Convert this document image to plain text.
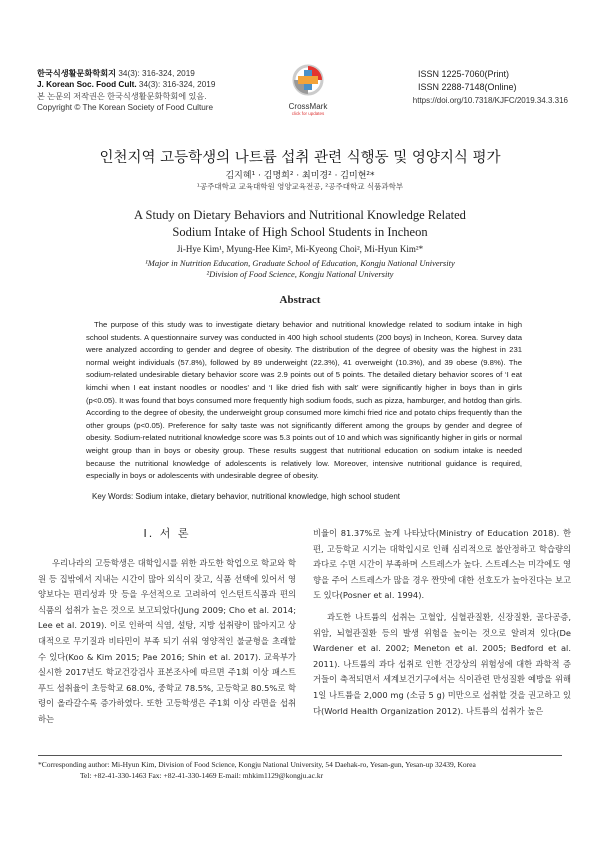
한국식생활문화학회지 34(3): 316-324, 2019
J. Korean Soc. Food Cult. 34(3): 316-324, 2019
본 논문의 저작권은 한국식생활문화학회에 있음.
Copyright © The Korean Society of Food Culture	CrossMark
click for updates
ISSN 1225-7060(Print)
ISSN 2288-7148(Online)
https://doi.org/10.7318/KJFC/2019.34.3.316
인천지역 고등학생의 나트륨 섭취 관련 식행동 및 영양지식 평가
김지혜¹ · 김명희² · 최미경² · 김미현²*
¹공주대학교 교육대학원 영양교육전공, ²공주대학교 식품과학부
A Study on Dietary Behaviors and Nutritional Knowledge Related
Sodium Intake of High School Students in Incheon
Ji-Hye Kim¹, Myung-Hee Kim², Mi-Kyeong Choi², Mi-Hyun Kim²*
¹Major in Nutrition Education, Graduate School of Education, Kongju National University
²Division of Food Science, Kongju National University
Abstract

The purpose of this study was to investigate dietary behavior and nutritional knowledge related to sodium intake in high school students. A questionnaire survey was conducted in 400 high school students (200 boys) in Incheon, Korea. Survey data were analyzed according to gender and degree of obesity. The distribution of the degree of obesity was the highest in 231 normal weight individuals (57.8%), followed by 89 underweight (22.3%), 41 overweight (10.3%), and 39 obese (9.8%). The sodium-related undesirable dietary behavior score was 2.9 points out of 5 points. The detailed dietary behavior scores of ‘I eat kimchi when I eat instant noodles or noodles’ and ‘I like dried fish with salt’ were significantly higher in boys than in girls (p<0.05). It was found that boys consumed more frequently high sodium foods, such as pizza, hamburger, and hotdog than girls. According to the degree of obesity, the underweight group consumed more kimchi fried rice and potato chips frequently than the other groups (p<0.05). Preference for salty taste was not significantly different among the groups by gender and degree of obesity. Sodium-related nutritional knowledge score was 5.3 points out of 10 and which was significantly higher in girls or normal weight group than in boys or obesity group. These results suggest that nutritional education on sodium intake is needed because the nutritional knowledge of adolescents is relatively low. Moreover, intensive nutritional guidance is required, especially in boys or adolescents with undesirable degree of obesity.

Key Words: Sodium intake, dietary behavior, nutritional knowledge, high school student
I. 서 론

우리나라의 고등학생은 대학입시를 위한 과도한 학업으로 학교와 학원 등 집밖에서 지내는 시간이 많아 외식이 잦고, 식품 선택에 있어서 영양보다는 편리성과 맛 등을 우선적으로 고려하여 인스턴트식품과 편의식품의 섭취가 높은 것으로 보고되었다(Jung 2009; Cho et al. 2014; Lee et al. 2019). 이로 인하여 식염, 설탕, 지방 섭취량이 많아지고 상대적으로 무기질과 비타민이 부족 되기 쉬워 영양적인 불균형을 초래할 수 있다(Koo & Kim 2015; Pae 2016; Shin et al. 2017). 교육부가 실시한 2017년도 학교건강검사 표본조사에 따르면 주1회 이상 패스트푸드 섭취율이 초등학교 68.0%, 중학교 78.5%, 고등학교 80.5%로 학령이 올라갈수록 증가하였다. 또한 고등학생은 주1회 이상 라면을 섭취하는

비율이 81.37%로 높게 나타났다(Ministry of Education 2018). 한편, 고등학교 시기는 대학입시로 인해 심리적으로 불안정하고 학습량의 과다로 수면 시간이 부족하며 스트레스가 높다. 스트레스는 미각에도 영향을 주어 스트레스가 많을 경우 짠맛에 대한 선호도가 높아진다는 보고도 있다(Posner et al. 1994).

과도한 나트륨의 섭취는 고혈압, 심혈관질환, 신장질환, 골다공증, 위암, 뇌혈관질환 등의 발생 위험을 높이는 것으로 알려져 있다(De Wardener et al. 2002; Meneton et al. 2005; Bedford et al. 2011). 나트륨의 과다 섭취로 인한 건강상의 위험성에 대한 과학적 증거들이 축적되면서 세계보건기구에서는 식이관련 만성질환 예방을 위해 1일 나트륨을 2,000 mg (소금 5 g) 미만으로 섭취할 것을 권고하고 있다(World Health Organization 2012). 나트륨의 섭취가 높은

*Corresponding author: Mi-Hyun Kim, Division of Food Science, Kongju National University, 54 Daehak-ro, Yesan-gun, Yesan-up 32439, Korea
Tel: +82-41-330-1463 Fax: +82-41-330-1469 E-mail: mhkim1129@kongju.ac.kr
